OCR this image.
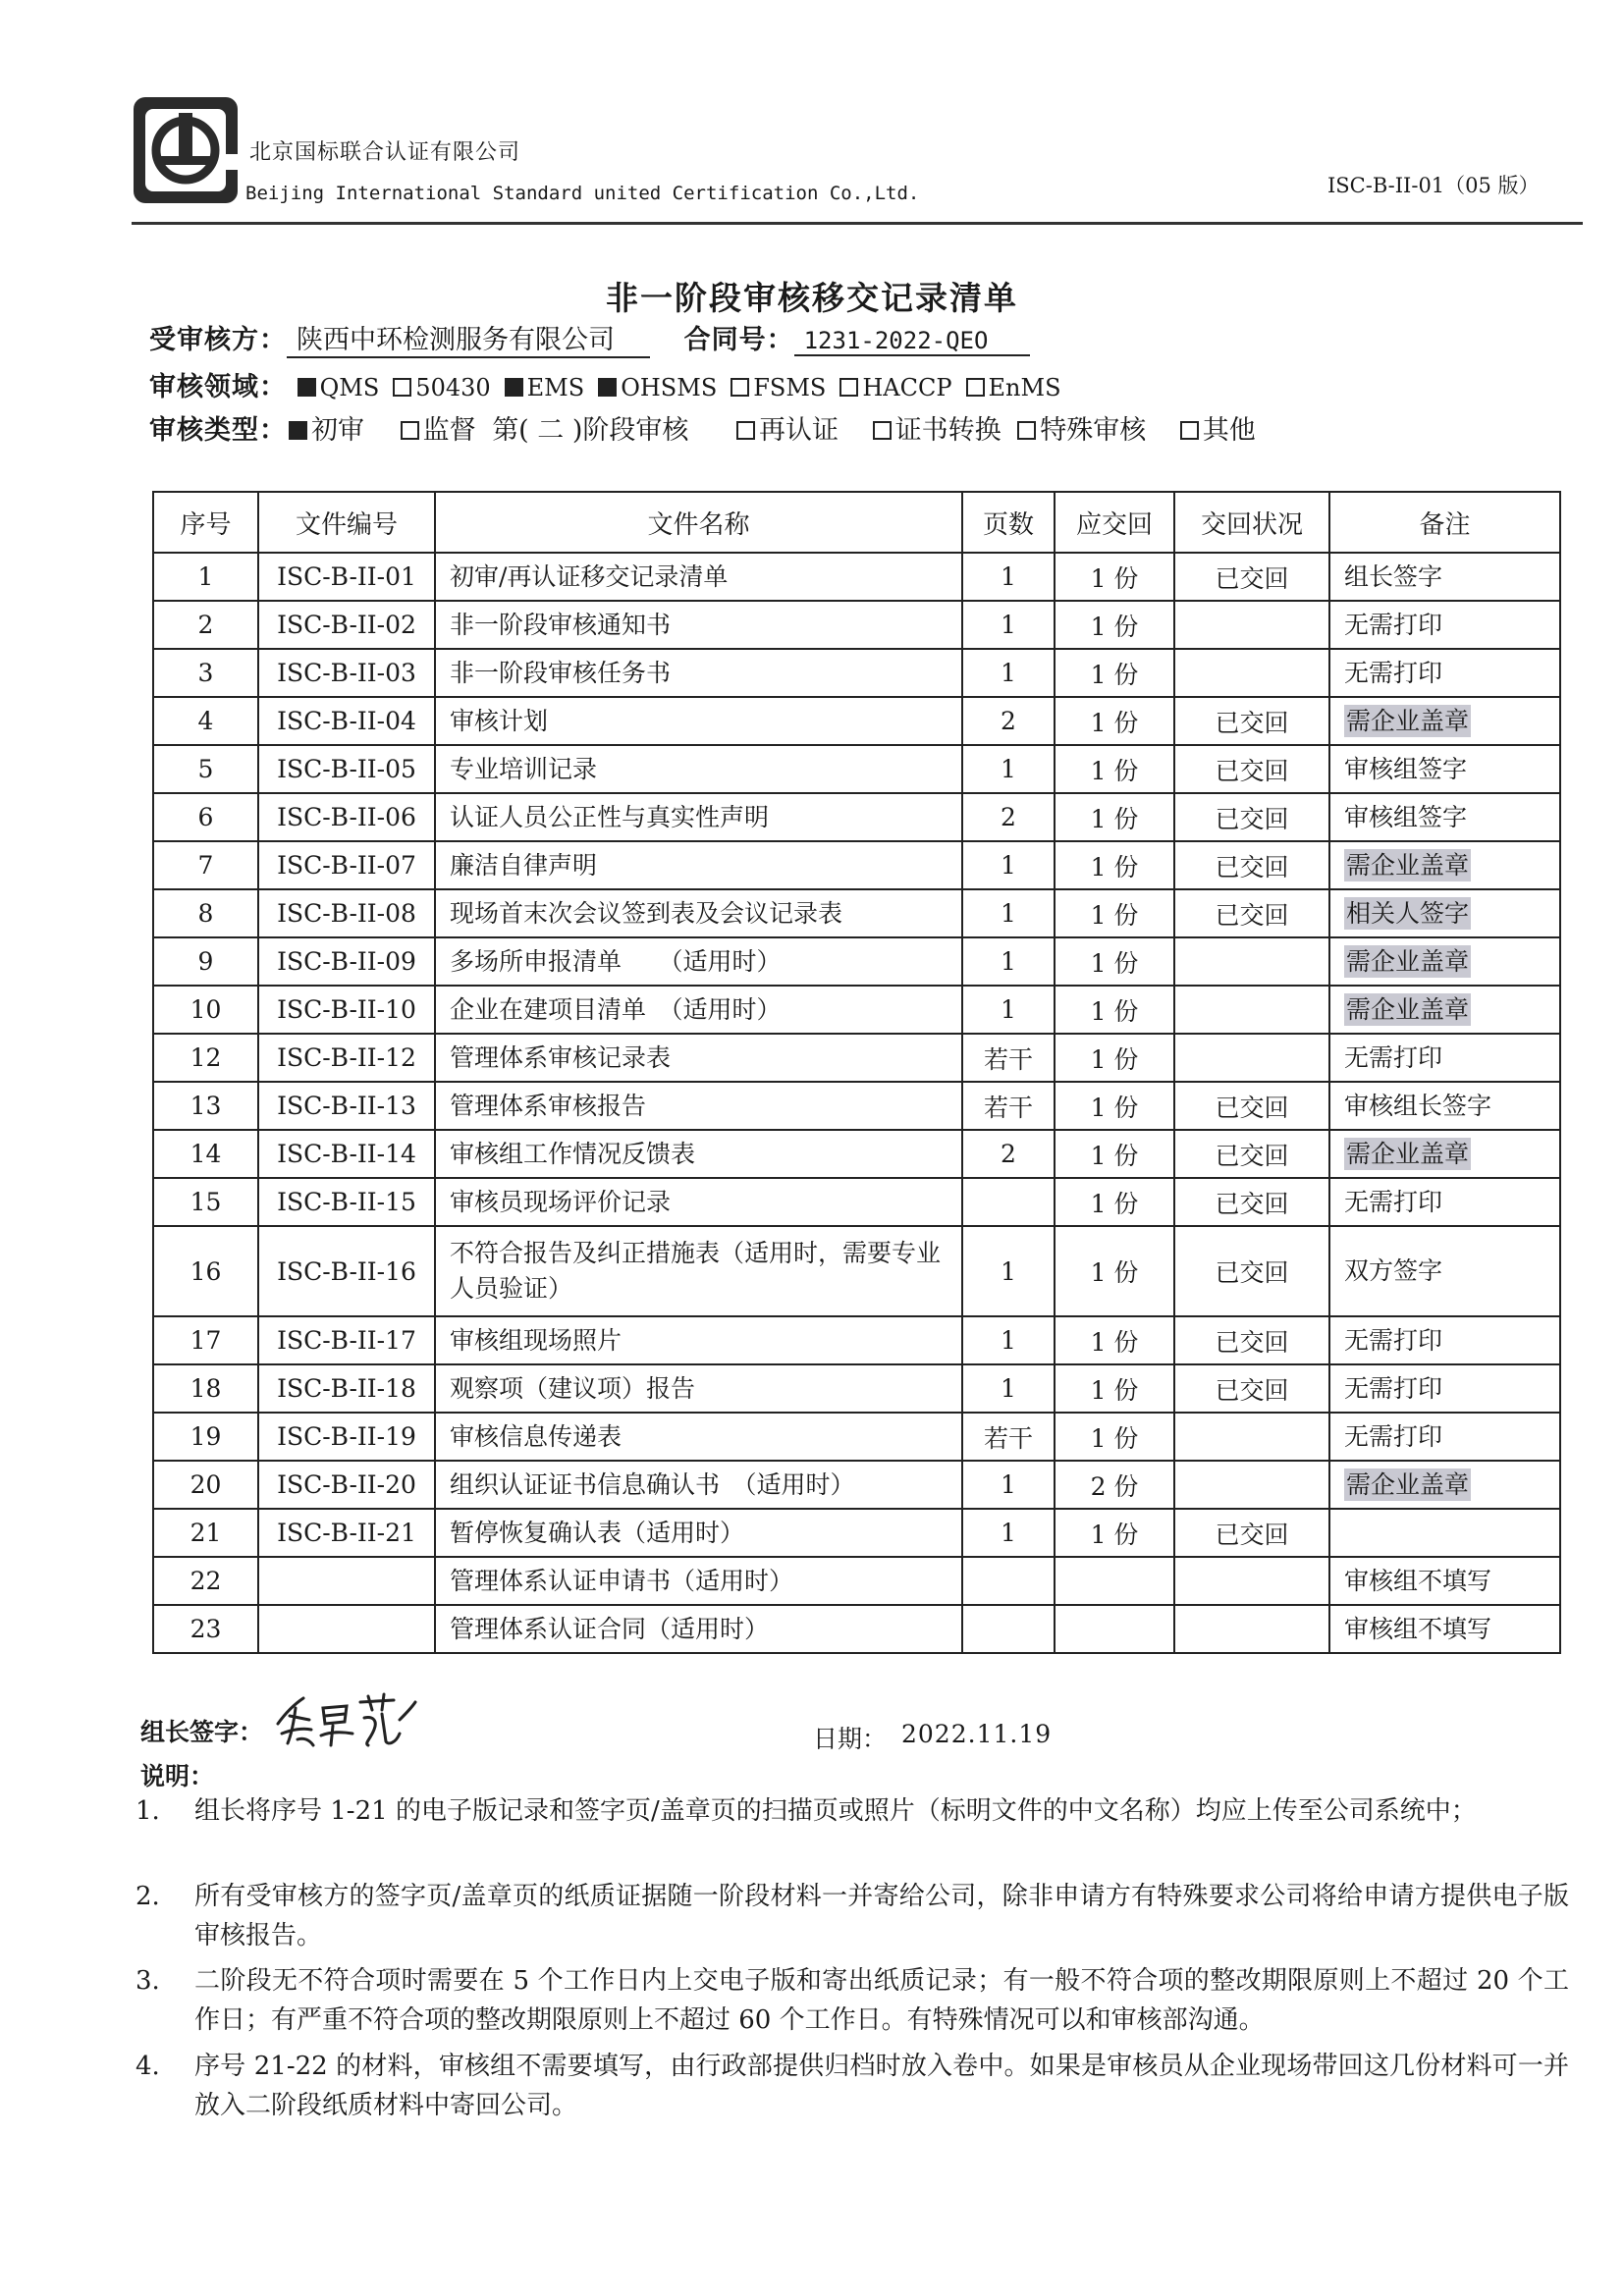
北京国标联合认证有限公司
Beijing International Standard united Certification Co.,Ltd.	ISC-B-II-01（05 版）
非一阶段审核移交记录清单
受审核方： 陕西中环检测服务有限公司	合同号： 1231-2022-QEO
审核领域： QMS 50430 EMS OHSMS FSMS HACCP EnMS
审核类型： 初审 监督 第( 二 )阶段审核	再认证 证书转换 特殊审核 其他
序号	文件编号	文件名称	页数	应交回	交回状况	备注
1	ISC-B-II-01	初审/再认证移交记录清单	1	1 份	已交回	组长签字
2	ISC-B-II-02	非一阶段审核通知书	1	1 份		无需打印
3	ISC-B-II-03	非一阶段审核任务书	1	1 份		无需打印
4	ISC-B-II-04	审核计划	2	1 份	已交回	需企业盖章
5	ISC-B-II-05	专业培训记录	1	1 份	已交回	审核组签字
6	ISC-B-II-06	认证人员公正性与真实性声明	2	1 份	已交回	审核组签字
7	ISC-B-II-07	廉洁自律声明	1	1 份	已交回	需企业盖章
8	ISC-B-II-08	现场首末次会议签到表及会议记录表	1	1 份	已交回	相关人签字
9	ISC-B-II-09	多场所申报清单　　（适用时）	1	1 份		需企业盖章
10	ISC-B-II-10	企业在建项目清单　（适用时）	1	1 份		需企业盖章
12	ISC-B-II-12	管理体系审核记录表	若干	1 份		无需打印
13	ISC-B-II-13	管理体系审核报告	若干	1 份	已交回	审核组长签字
14	ISC-B-II-14	审核组工作情况反馈表	2	1 份	已交回	需企业盖章
15	ISC-B-II-15	审核员现场评价记录		1 份	已交回	无需打印
16	ISC-B-II-16	不符合报告及纠正措施表（适用时，需要专业人员验证）	1	1 份	已交回	双方签字
17	ISC-B-II-17	审核组现场照片	1	1 份	已交回	无需打印
18	ISC-B-II-18	观察项（建议项）报告	1	1 份	已交回	无需打印
19	ISC-B-II-19	审核信息传递表	若干	1 份		无需打印
20	ISC-B-II-20	组织认证证书信息确认书　（适用时）	1	2 份		需企业盖章
21	ISC-B-II-21	暂停恢复确认表（适用时）	1	1 份	已交回	
22		管理体系认证申请书（适用时）				审核组不填写
23		管理体系认证合同（适用时）				审核组不填写
组长签字：	日期： 2022.11.19
说明：
1. 组长将序号 1-21 的电子版记录和签字页/盖章页的扫描页或照片（标明文件的中文名称）均应上传至公司系统中；
2. 所有受审核方的签字页/盖章页的纸质证据随一阶段材料一并寄给公司，除非申请方有特殊要求公司将给申请方提供电子版审核报告。
3. 二阶段无不符合项时需要在 5 个工作日内上交电子版和寄出纸质记录；有一般不符合项的整改期限原则上不超过 20 个工作日；有严重不符合项的整改期限原则上不超过 60 个工作日。有特殊情况可以和审核部沟通。
4. 序号 21-22 的材料，审核组不需要填写，由行政部提供归档时放入卷中。如果是审核员从企业现场带回这几份材料可一并放入二阶段纸质材料中寄回公司。
